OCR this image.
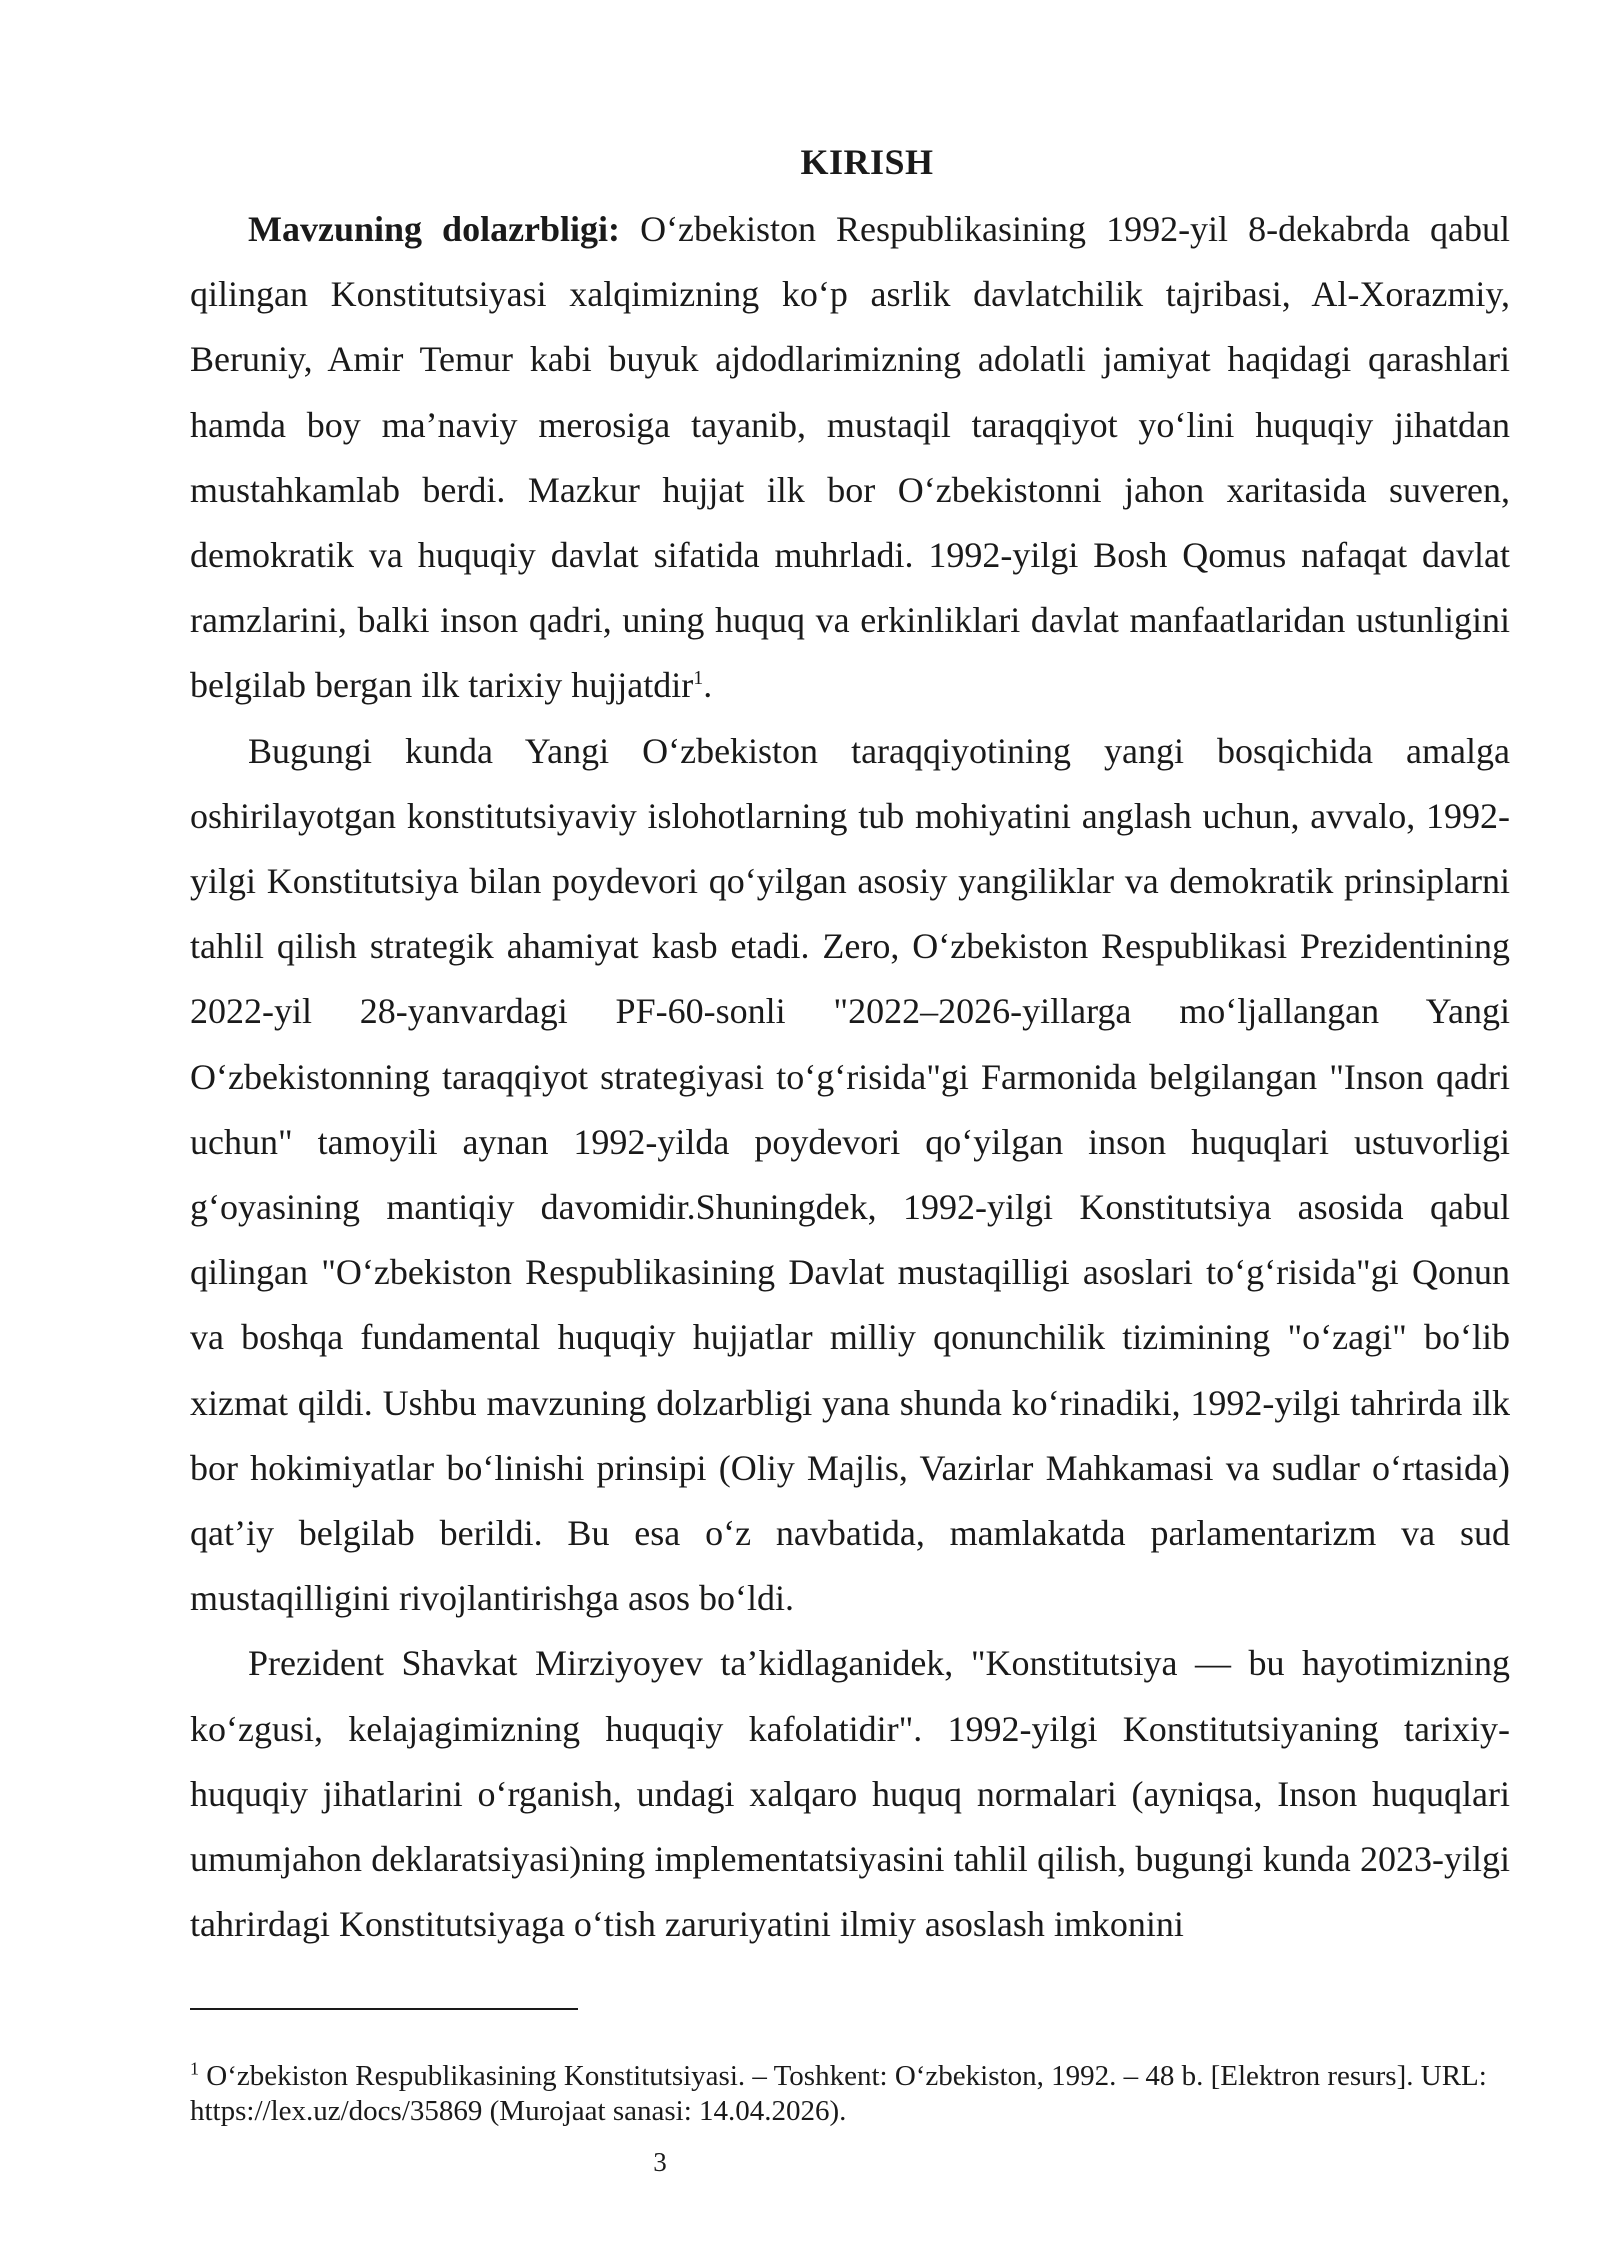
KIRISH

Mavzuning dolazrbligi: O‘zbekiston Respublikasining 1992-yil 8-dekabrda qabul qilingan Konstitutsiyasi xalqimizning ko‘p asrlik davlatchilik tajribasi, Al-Xorazmiy, Beruniy, Amir Temur kabi buyuk ajdodlarimizning adolatli jamiyat haqidagi qarashlari hamda boy ma’naviy merosiga tayanib, mustaqil taraqqiyot yo‘lini huquqiy jihatdan mustahkamlab berdi. Mazkur hujjat ilk bor O‘zbekistonni jahon xaritasida suveren, demokratik va huquqiy davlat sifatida muhrladi. 1992-yilgi Bosh Qomus nafaqat davlat ramzlarini, balki inson qadri, uning huquq va erkinliklari davlat manfaatlaridan ustunligini belgilab bergan ilk tarixiy hujjatdir$^1$.

Bugungi kunda Yangi O‘zbekiston taraqqiyotining yangi bosqichida amalga oshirilayotgan konstitutsiyaviy islohotlarning tub mohiyatini anglash uchun, avvalo, 1992-yilgi Konstitutsiya bilan poydevori qo‘yilgan asosiy yangiliklar va demokratik prinsiplarni tahlil qilish strategik ahamiyat kasb etadi. Zero, O‘zbekiston Respublikasi Prezidentining 2022-yil 28-yanvardagi PF-60-sonli "2022–2026-yillarga mo‘ljallangan Yangi O‘zbekistonning taraqqiyot strategiyasi to‘g‘risida"gi Farmonida belgilangan "Inson qadri uchun" tamoyili aynan 1992-yilda poydevori qo‘yilgan inson huquqlari ustuvorligi g‘oyasining mantiqiy davomidir.Shuningdek, 1992-yilgi Konstitutsiya asosida qabul qilingan "O‘zbekiston Respublikasining Davlat mustaqilligi asoslari to‘g‘risida"gi Qonun va boshqa fundamental huquqiy hujjatlar milliy qonunchilik tizimining "o‘zagi" bo‘lib xizmat qildi. Ushbu mavzuning dolzarbligi yana shunda ko‘rinadiki, 1992-yilgi tahrirda ilk bor hokimiyatlar bo‘linishi prinsipi (Oliy Majlis, Vazirlar Mahkamasi va sudlar o‘rtasida) qat’iy belgilab berildi. Bu esa o‘z navbatida, mamlakatda parlamentarizm va sud mustaqilligini rivojlantirishga asos bo‘ldi.

Prezident Shavkat Mirziyoyev ta’kidlaganidek, "Konstitutsiya — bu hayotimizning ko‘zgusi, kelajagimizning huquqiy kafolatidir". 1992-yilgi Konstitutsiyaning tarixiy-huquqiy jihatlarini o‘rganish, undagi xalqaro huquq normalari (ayniqsa, Inson huquqlari umumjahon deklaratsiyasi)ning implementatsiyasini tahlil qilish, bugungi kunda 2023-yilgi tahrirdagi Konstitutsiyaga o‘tish zaruriyatini ilmiy asoslash imkonini

$^1$ O‘zbekiston Respublikasining Konstitutsiyasi. – Toshkent: O‘zbekiston, 1992. – 48 b. [Elektron resurs]. URL: https://lex.uz/docs/35869 (Murojaat sanasi: 14.04.2026).
3
